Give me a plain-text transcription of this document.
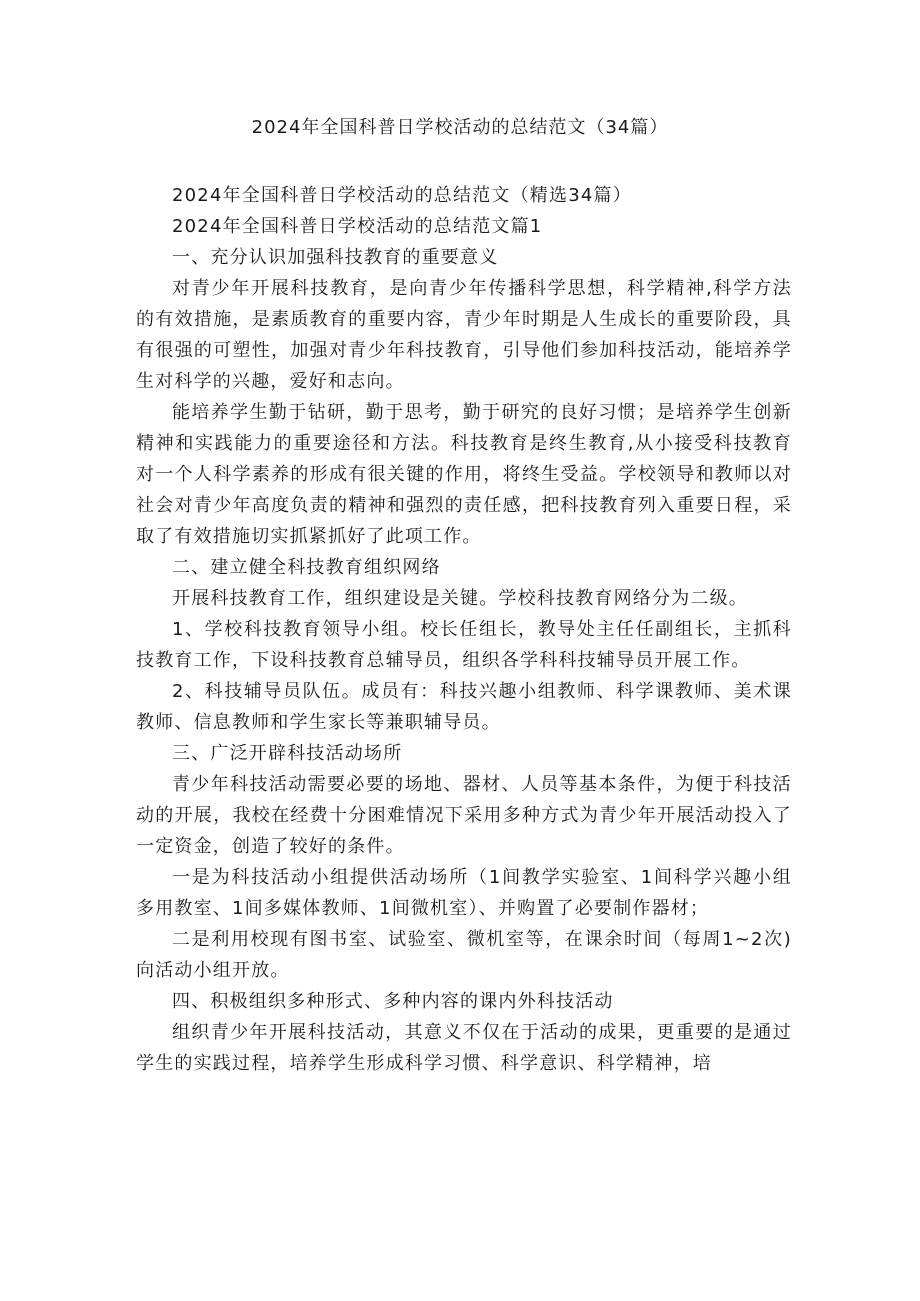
2024年全国科普日学校活动的总结范文（34篇）

2024年全国科普日学校活动的总结范文（精选34篇）

2024年全国科普日学校活动的总结范文篇1

一、充分认识加强科技教育的重要意义

对青少年开展科技教育，是向青少年传播科学思想，科学精神,科学方法的有效措施，是素质教育的重要内容，青少年时期是人生成长的重要阶段，具有很强的可塑性，加强对青少年科技教育，引导他们参加科技活动，能培养学生对科学的兴趣，爱好和志向。

能培养学生勤于钻研，勤于思考，勤于研究的良好习惯；是培养学生创新精神和实践能力的重要途径和方法。科技教育是终生教育,从小接受科技教育对一个人科学素养的形成有很关键的作用，将终生受益。学校领导和教师以对社会对青少年高度负责的精神和强烈的责任感，把科技教育列入重要日程，采取了有效措施切实抓紧抓好了此项工作。

二、建立健全科技教育组织网络

开展科技教育工作，组织建设是关键。学校科技教育网络分为二级。

1、学校科技教育领导小组。校长任组长，教导处主任任副组长，主抓科技教育工作，下设科技教育总辅导员，组织各学科科技辅导员开展工作。

2、科技辅导员队伍。成员有：科技兴趣小组教师、科学课教师、美术课教师、信息教师和学生家长等兼职辅导员。

三、广泛开辟科技活动场所

青少年科技活动需要必要的场地、器材、人员等基本条件，为便于科技活动的开展，我校在经费十分困难情况下采用多种方式为青少年开展活动投入了一定资金，创造了较好的条件。

一是为科技活动小组提供活动场所（1间教学实验室、1间科学兴趣小组多用教室、1间多媒体教师、1间微机室）、并购置了必要制作器材；

二是利用校现有图书室、试验室、微机室等，在课余时间（每周1~2次)向活动小组开放。

四、积极组织多种形式、多种内容的课内外科技活动

组织青少年开展科技活动，其意义不仅在于活动的成果，更重要的是通过学生的实践过程，培养学生形成科学习惯、科学意识、科学精神，培
